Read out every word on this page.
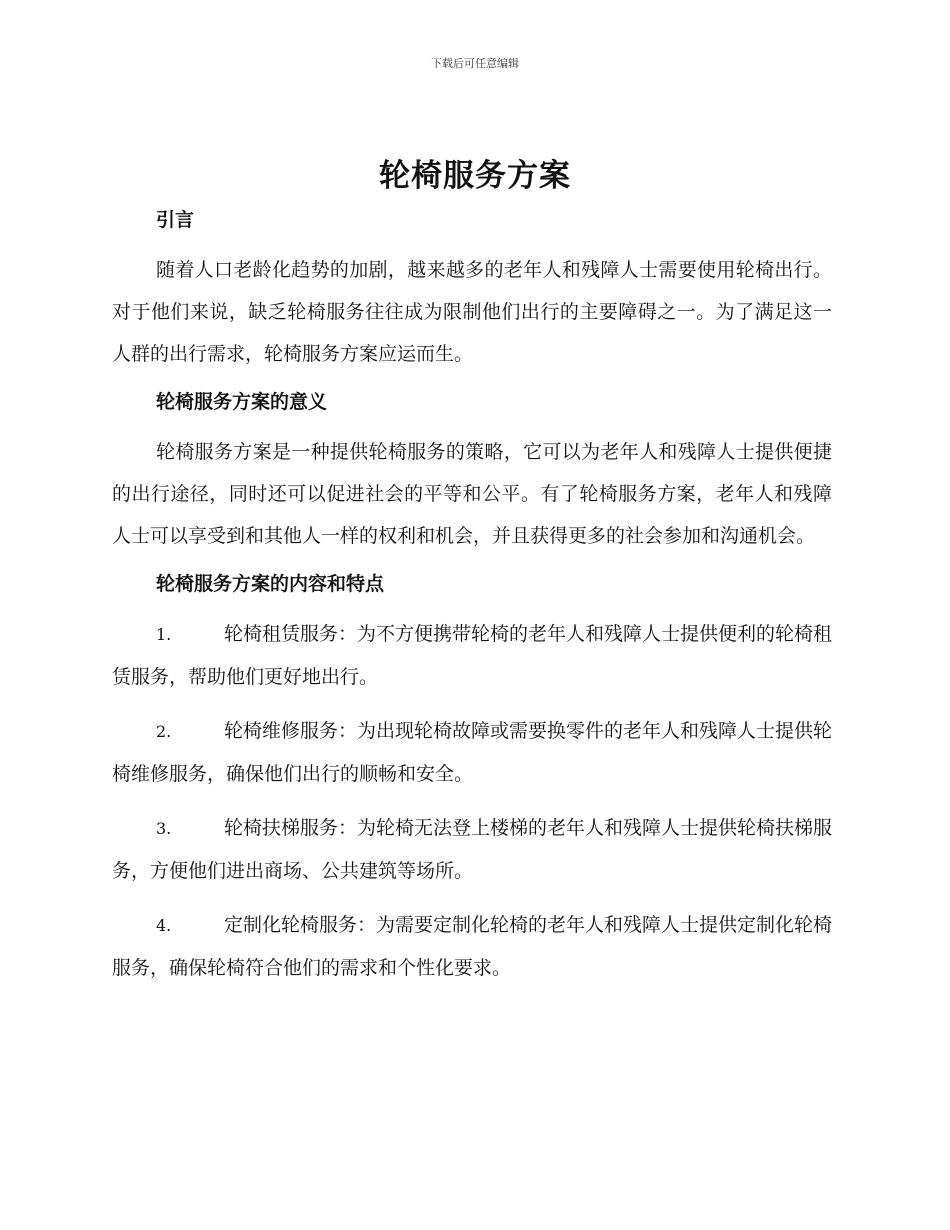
下载后可任意编辑
轮椅服务方案

引言

随着人口老龄化趋势的加剧，越来越多的老年人和残障人士需要使用轮椅出行。对于他们来说，缺乏轮椅服务往往成为限制他们出行的主要障碍之一。为了满足这一人群的出行需求，轮椅服务方案应运而生。

轮椅服务方案的意义

轮椅服务方案是一种提供轮椅服务的策略，它可以为老年人和残障人士提供便捷的出行途径，同时还可以促进社会的平等和公平。有了轮椅服务方案，老年人和残障人士可以享受到和其他人一样的权利和机会，并且获得更多的社会参加和沟通机会。

轮椅服务方案的内容和特点

1.	轮椅租赁服务：为不方便携带轮椅的老年人和残障人士提供便利的轮椅租赁服务，帮助他们更好地出行。

2.	轮椅维修服务：为出现轮椅故障或需要换零件的老年人和残障人士提供轮椅维修服务，确保他们出行的顺畅和安全。

3.	轮椅扶梯服务：为轮椅无法登上楼梯的老年人和残障人士提供轮椅扶梯服务，方便他们进出商场、公共建筑等场所。

4.	定制化轮椅服务：为需要定制化轮椅的老年人和残障人士提供定制化轮椅服务，确保轮椅符合他们的需求和个性化要求。
